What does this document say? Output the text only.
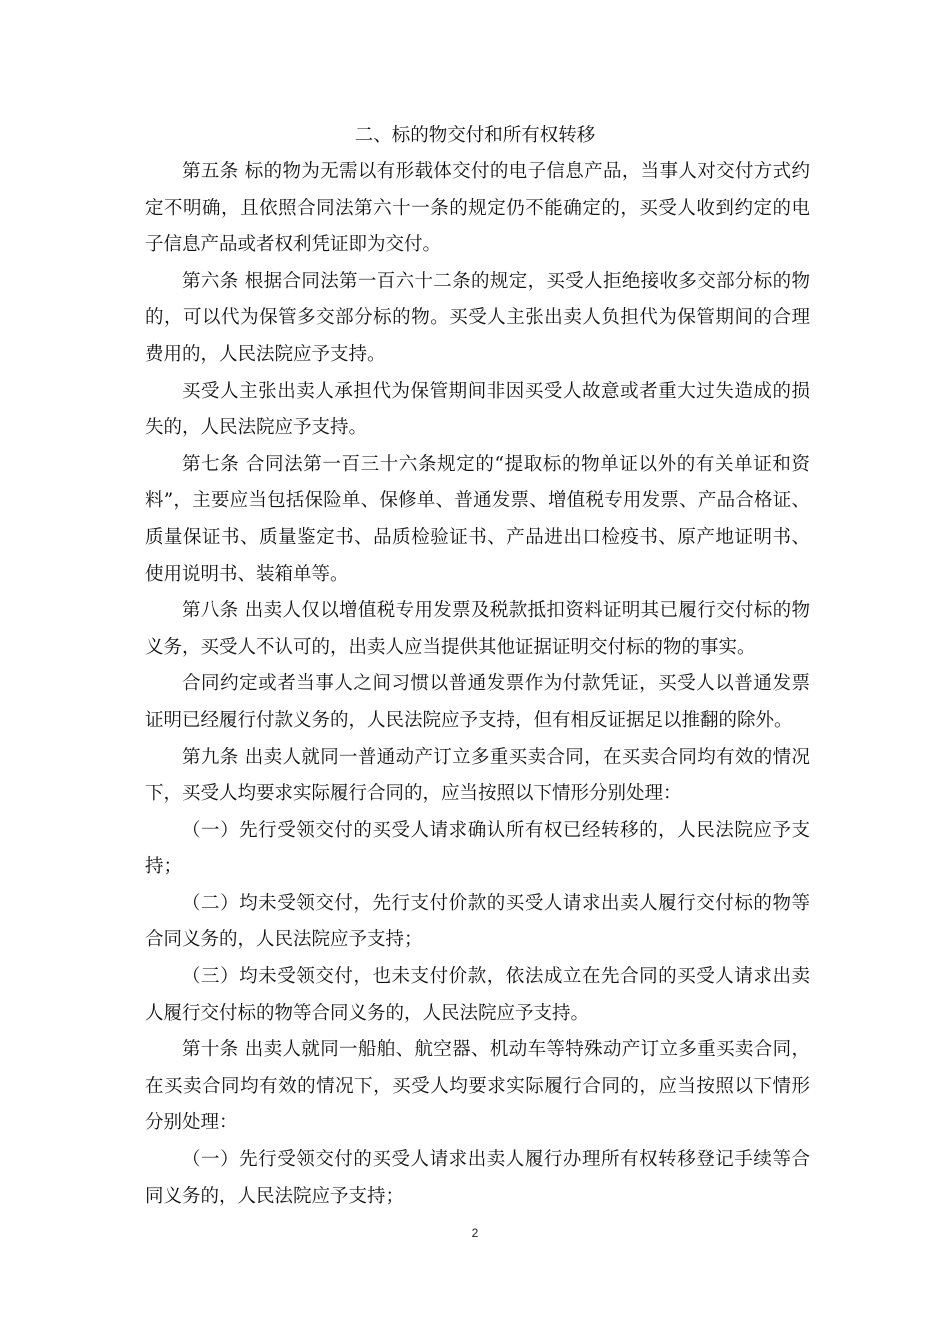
二、标的物交付和所有权转移

第五条 标的物为无需以有形载体交付的电子信息产品，当事人对交付方式约定不明确，且依照合同法第六十一条的规定仍不能确定的，买受人收到约定的电子信息产品或者权利凭证即为交付。

第六条 根据合同法第一百六十二条的规定，买受人拒绝接收多交部分标的物的，可以代为保管多交部分标的物。买受人主张出卖人负担代为保管期间的合理费用的，人民法院应予支持。

买受人主张出卖人承担代为保管期间非因买受人故意或者重大过失造成的损失的，人民法院应予支持。

第七条 合同法第一百三十六条规定的“提取标的物单证以外的有关单证和资料”，主要应当包括保险单、保修单、普通发票、增值税专用发票、产品合格证、质量保证书、质量鉴定书、品质检验证书、产品进出口检疫书、原产地证明书、使用说明书、装箱单等。

第八条 出卖人仅以增值税专用发票及税款抵扣资料证明其已履行交付标的物义务，买受人不认可的，出卖人应当提供其他证据证明交付标的物的事实。

合同约定或者当事人之间习惯以普通发票作为付款凭证，买受人以普通发票证明已经履行付款义务的，人民法院应予支持，但有相反证据足以推翻的除外。

第九条 出卖人就同一普通动产订立多重买卖合同，在买卖合同均有效的情况下，买受人均要求实际履行合同的，应当按照以下情形分别处理：

（一）先行受领交付的买受人请求确认所有权已经转移的，人民法院应予支持；

（二）均未受领交付，先行支付价款的买受人请求出卖人履行交付标的物等合同义务的，人民法院应予支持；

（三）均未受领交付，也未支付价款，依法成立在先合同的买受人请求出卖人履行交付标的物等合同义务的，人民法院应予支持。

第十条 出卖人就同一船舶、航空器、机动车等特殊动产订立多重买卖合同，在买卖合同均有效的情况下，买受人均要求实际履行合同的，应当按照以下情形分别处理：

（一）先行受领交付的买受人请求出卖人履行办理所有权转移登记手续等合同义务的，人民法院应予支持；

2
